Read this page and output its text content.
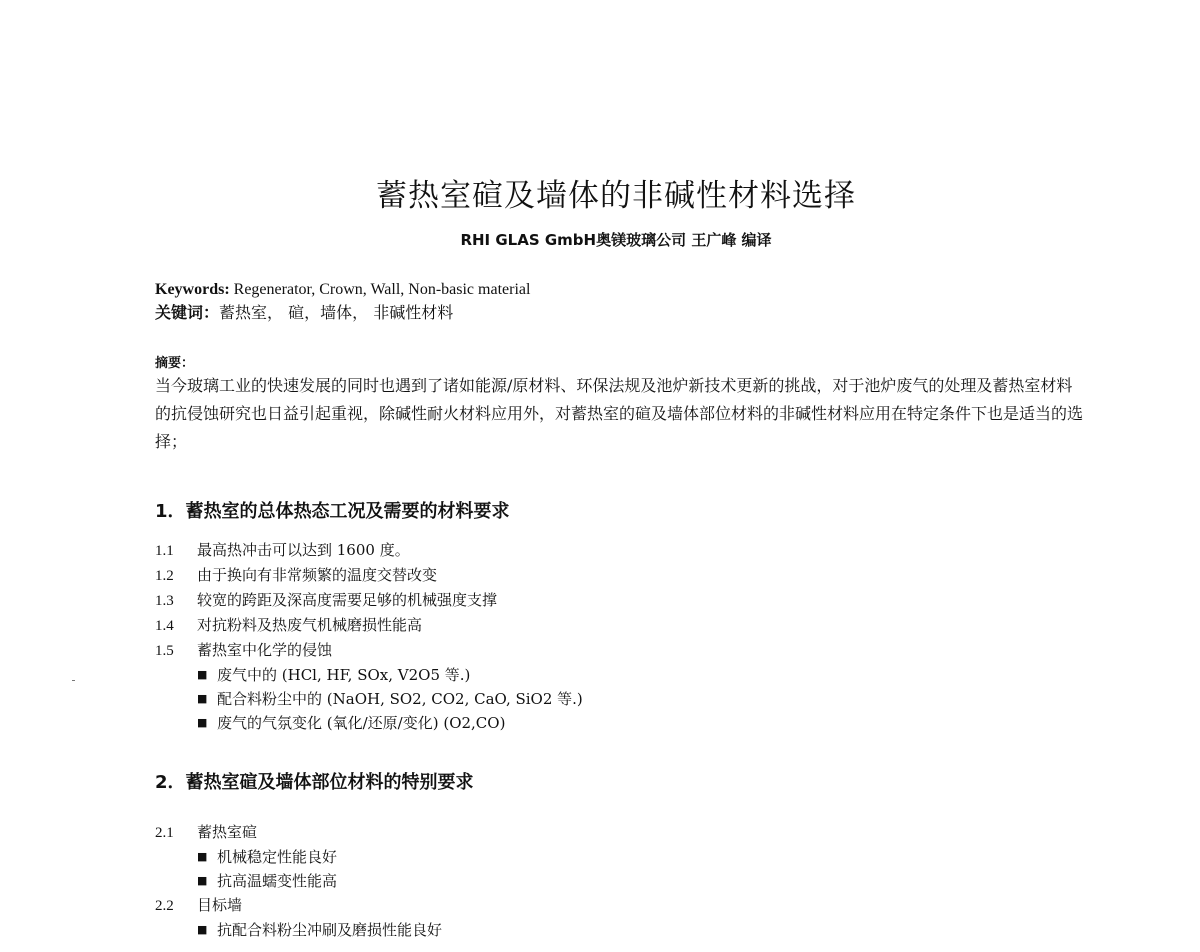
蓄热室碹及墙体的非碱性材料选择
RHI GLAS GmbH奥镁玻璃公司 王广峰 编译
Keywords: Regenerator, Crown, Wall, Non-basic material
关键词：蓄热室， 碹，墙体， 非碱性材料
摘要：
当今玻璃工业的快速发展的同时也遇到了诸如能源/原材料、环保法规及池炉新技术更新的挑战，对于池炉废气的处理及蓄热室材料的抗侵蚀研究也日益引起重视，除碱性耐火材料应用外，对蓄热室的碹及墙体部位材料的非碱性材料应用在特定条件下也是适当的选择；
1．蓄热室的总体热态工况及需要的材料要求
1.1 最高热冲击可以达到 1600 度。
1.2 由于换向有非常频繁的温度交替改变
1.3 较宽的跨距及深高度需要足够的机械强度支撑
1.4 对抗粉料及热废气机械磨损性能高
1.5 蓄热室中化学的侵蚀
■ 废气中的 (HCl, HF, SOx, V2O5 等.)
■ 配合料粉尘中的 (NaOH, SO2, CO2, CaO, SiO2 等.)
■ 废气的气氛变化 (氧化/还原/变化) (O2,CO)
2．蓄热室碹及墙体部位材料的特别要求
2.1 蓄热室碹
■ 机械稳定性能良好
■ 抗高温蠕变性能高
2.2 目标墙
■ 抗配合料粉尘冲刷及磨损性能良好
